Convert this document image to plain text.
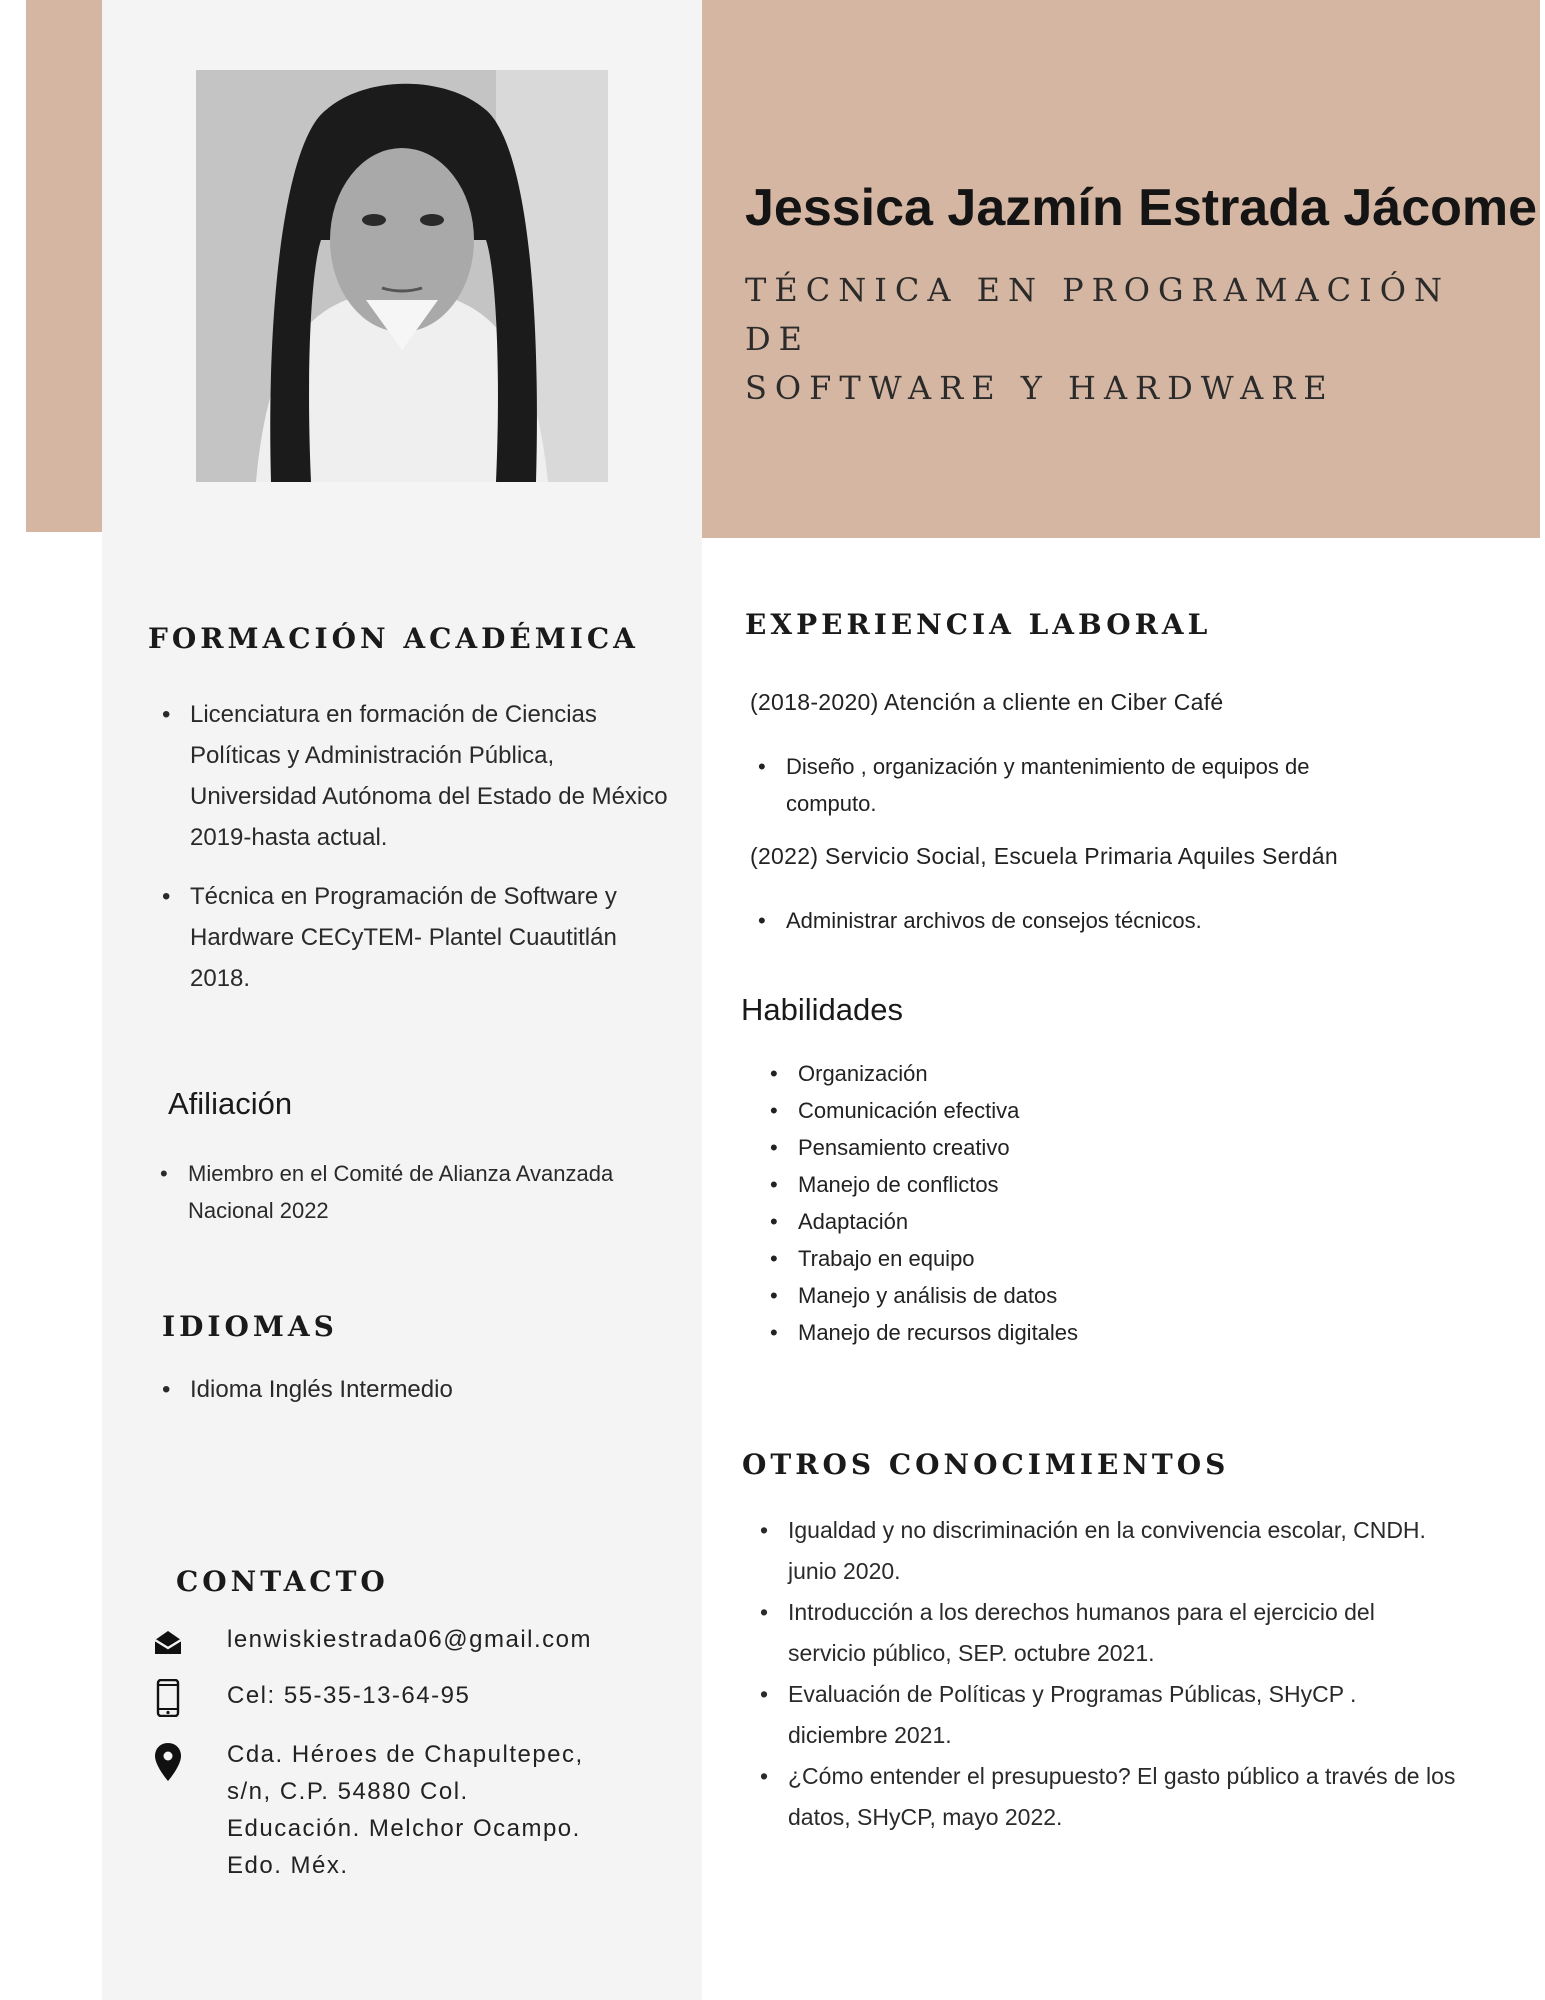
Jessica Jazmín Estrada Jácome
TÉCNICA EN PROGRAMACIÓN DE
SOFTWARE Y HARDWARE
FORMACIÓN ACADÉMICA
• Licenciatura en formación de Ciencias Políticas y Administración Pública, Universidad Autónoma del Estado de México 2019-hasta actual.
• Técnica en Programación de Software y Hardware CECyTEM- Plantel Cuautitlán 2018.
Afiliación
• Miembro en el Comité de Alianza Avanzada Nacional 2022
IDIOMAS
• Idioma Inglés Intermedio
CONTACTO
lenwiskiestrada06@gmail.com
Cel: 55-35-13-64-95
Cda. Héroes de Chapultepec,
s/n, C.P. 54880 Col.
Educación. Melchor Ocampo.
Edo. Méx.
EXPERIENCIA LABORAL
(2018-2020) Atención a cliente en Ciber Café
• Diseño , organización y mantenimiento de equipos de computo.
(2022) Servicio Social, Escuela Primaria Aquiles Serdán
• Administrar archivos de consejos técnicos.
Habilidades
• Organización
• Comunicación efectiva
• Pensamiento creativo
• Manejo de conflictos
• Adaptación
• Trabajo en equipo
• Manejo y análisis de datos
• Manejo de recursos digitales
OTROS CONOCIMIENTOS
• Igualdad y no discriminación en la convivencia escolar, CNDH. junio 2020.
• Introducción a los derechos humanos para el ejercicio del servicio público, SEP. octubre 2021.
• Evaluación de Políticas y Programas Públicas, SHyCP . diciembre 2021.
• ¿Cómo entender el presupuesto? El gasto público a través de los datos, SHyCP, mayo 2022.
